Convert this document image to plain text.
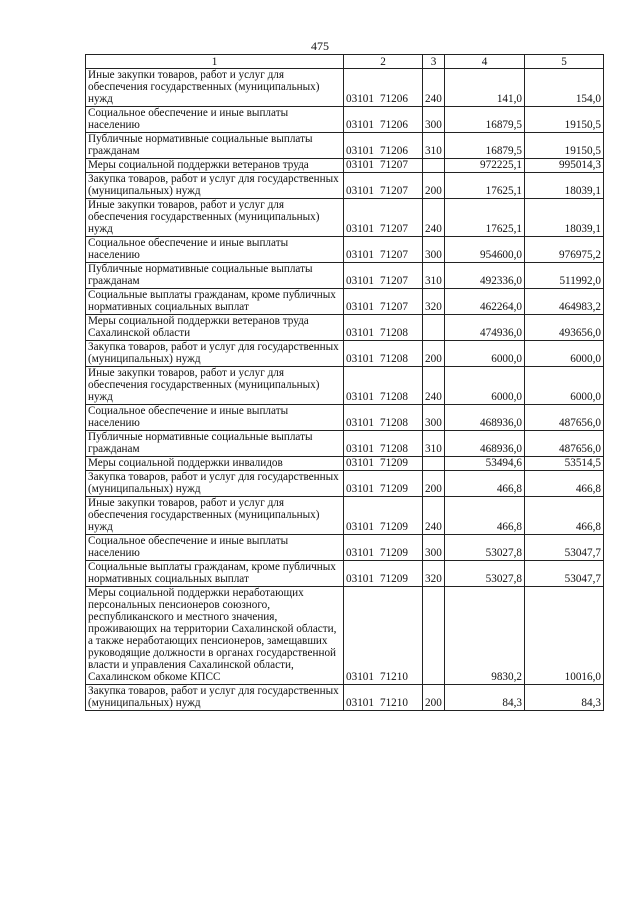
475
1	2	3	4	5
Иные закупки товаров, работ и услуг для обеспечения государственных (муниципальных) нужд	03101 71206	240	141,0	154,0
Социальное обеспечение и иные выплаты населению	03101 71206	300	16879,5	19150,5
Публичные нормативные социальные выплаты гражданам	03101 71206	310	16879,5	19150,5
Меры социальной поддержки ветеранов труда	03101 71207		972225,1	995014,3
Закупка товаров, работ и услуг для государственных (муниципальных) нужд	03101 71207	200	17625,1	18039,1
Иные закупки товаров, работ и услуг для обеспечения государственных (муниципальных) нужд	03101 71207	240	17625,1	18039,1
Социальное обеспечение и иные выплаты населению	03101 71207	300	954600,0	976975,2
Публичные нормативные социальные выплаты гражданам	03101 71207	310	492336,0	511992,0
Социальные выплаты гражданам, кроме публичных нормативных социальных выплат	03101 71207	320	462264,0	464983,2
Меры социальной поддержки ветеранов труда Сахалинской области	03101 71208		474936,0	493656,0
Закупка товаров, работ и услуг для государственных (муниципальных) нужд	03101 71208	200	6000,0	6000,0
Иные закупки товаров, работ и услуг для обеспечения государственных (муниципальных) нужд	03101 71208	240	6000,0	6000,0
Социальное обеспечение и иные выплаты населению	03101 71208	300	468936,0	487656,0
Публичные нормативные социальные выплаты гражданам	03101 71208	310	468936,0	487656,0
Меры социальной поддержки инвалидов	03101 71209		53494,6	53514,5
Закупка товаров, работ и услуг для государственных (муниципальных) нужд	03101 71209	200	466,8	466,8
Иные закупки товаров, работ и услуг для обеспечения государственных (муниципальных) нужд	03101 71209	240	466,8	466,8
Социальное обеспечение и иные выплаты населению	03101 71209	300	53027,8	53047,7
Социальные выплаты гражданам, кроме публичных нормативных социальных выплат	03101 71209	320	53027,8	53047,7
Меры социальной поддержки неработающих персональных пенсионеров союзного, республиканского и местного значения, проживающих на территории Сахалинской области, а также неработающих пенсионеров, замещавших руководящие должности в органах государственной власти и управления Сахалинской области, Сахалинском обкоме КПСС	03101 71210		9830,2	10016,0
Закупка товаров, работ и услуг для государственных (муниципальных) нужд	03101 71210	200	84,3	84,3
